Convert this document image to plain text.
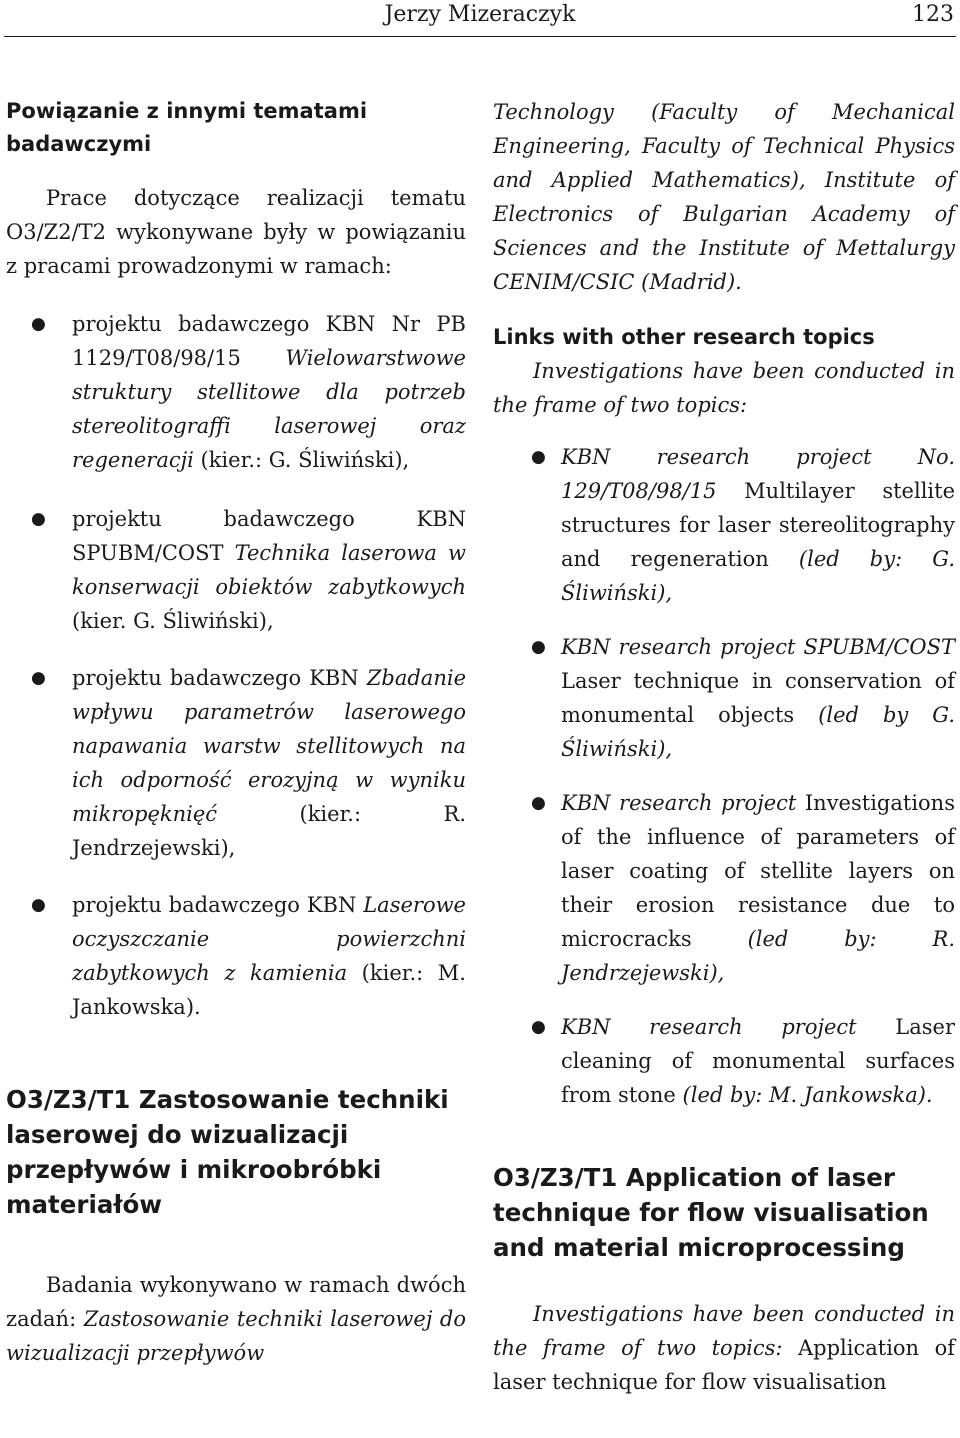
Jerzy Mizeraczyk	123
Powiązanie z innymi tematami badawczymi

Prace dotyczące realizacji tematu O3/Z2/T2 wykonywane były w powiązaniu z pracami prowadzonymi w ramach:

● projektu badawczego KBN Nr PB 1129/T08/98/15 Wielowarstwowe struktury stellitowe dla potrzeb stereolitograffi laserowej oraz regeneracji (kier.: G. Śliwiński),
● projektu badawczego KBN SPUBM/COST Technika laserowa w konserwacji obiektów zabytkowych (kier. G. Śliwiński),
● projektu badawczego KBN Zbadanie wpływu parametrów laserowego napawania warstw stellitowych na ich odporność erozyjną w wyniku mikropęknięć (kier.: R. Jendrzejewski),
● projektu badawczego KBN Laserowe oczyszczanie powierzchni zabytkowych z kamienia (kier.: M. Jankowska).
O3/Z3/T1 Zastosowanie techniki laserowej do wizualizacji przepływów i mikroobróbki materiałów

Badania wykonywano w ramach dwóch zadań: Zastosowanie techniki laserowej do wizualizacji przepływów

Technology (Faculty of Mechanical Engineering, Faculty of Technical Physics and Applied Mathematics), Institute of Electronics of Bulgarian Academy of Sciences and the Institute of Mettalurgy CENIM/CSIC (Madrid).

Links with other research topics

Investigations have been conducted in the frame of two topics:

● KBN research project No. 129/T08/98/15 Multilayer stellite structures for laser stereolitography and regeneration (led by: G. Śliwiński),
● KBN research project SPUBM/COST Laser technique in conservation of monumental objects (led by G. Śliwiński),
● KBN research project Investigations of the influence of parameters of laser coating of stellite layers on their erosion resistance due to microcracks (led by: R. Jendrzejewski),
● KBN research project Laser cleaning of monumental surfaces from stone (led by: M. Jankowska).
O3/Z3/T1 Application of laser technique for flow visualisation and material microprocessing

Investigations have been conducted in the frame of two topics: Application of laser technique for flow visualisation
